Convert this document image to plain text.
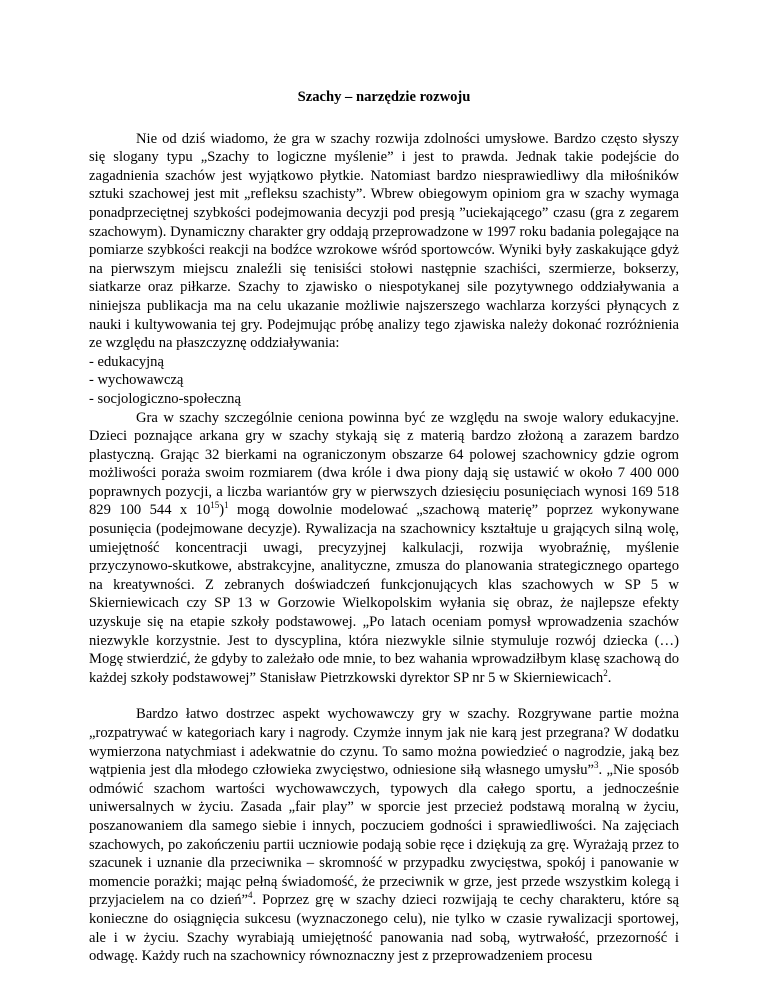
Szachy – narzędzie rozwoju

Nie od dziś wiadomo, że gra w szachy rozwija zdolności umysłowe. Bardzo często słyszy się slogany typu „Szachy to logiczne myślenie” i jest to prawda. Jednak takie podejście do zagadnienia szachów jest wyjątkowo płytkie. Natomiast bardzo niesprawiedliwy dla miłośników sztuki szachowej jest mit „refleksu szachisty”. Wbrew obiegowym opiniom gra w szachy wymaga ponadprzeciętnej szybkości podejmowania decyzji pod presją ”uciekającego” czasu (gra z zegarem szachowym). Dynamiczny charakter gry oddają przeprowadzone w 1997 roku badania polegające na pomiarze szybkości reakcji na bodźce wzrokowe wśród sportowców. Wyniki były zaskakujące gdyż na pierwszym miejscu znaleźli się tenisiści stołowi następnie szachiści, szermierze, bokserzy, siatkarze oraz piłkarze. Szachy to zjawisko o niespotykanej sile pozytywnego oddziaływania a niniejsza publikacja ma na celu ukazanie możliwie najszerszego wachlarza korzyści płynących z nauki i kultywowania tej gry. Podejmując próbę analizy tego zjawiska należy dokonać rozróżnienia ze względu na płaszczyznę oddziaływania:

- edukacyjną
- wychowawczą
- socjologiczno-społeczną

Gra w szachy szczególnie ceniona powinna być ze względu na swoje walory edukacyjne. Dzieci poznające arkana gry w szachy stykają się z materią bardzo złożoną a zarazem bardzo plastyczną. Grając 32 bierkami na ograniczonym obszarze 64 polowej szachownicy gdzie ogrom możliwości poraża swoim rozmiarem (dwa króle i dwa piony dają się ustawić w około 7 400 000 poprawnych pozycji, a liczba wariantów gry w pierwszych dziesięciu posunięciach wynosi 169 518 829 100 544 x $10^{15})^1$ mogą dowolnie modelować „szachową materię” poprzez wykonywane posunięcia (podejmowane decyzje). Rywalizacja na szachownicy kształtuje u grających silną wolę, umiejętność koncentracji uwagi, precyzyjnej kalkulacji, rozwija wyobraźnię, myślenie przyczynowo-skutkowe, abstrakcyjne, analityczne, zmusza do planowania strategicznego opartego na kreatywności. Z zebranych doświadczeń funkcjonujących klas szachowych w SP 5 w Skierniewicach czy SP 13 w Gorzowie Wielkopolskim wyłania się obraz, że najlepsze efekty uzyskuje się na etapie szkoły podstawowej. „Po latach oceniam pomysł wprowadzenia szachów niezwykle korzystnie. Jest to dyscyplina, która niezwykle silnie stymuluje rozwój dziecka (…) Mogę stwierdzić, że gdyby to zależało ode mnie, to bez wahania wprowadziłbym klasę szachową do każdej szkoły podstawowej” Stanisław Pietrzkowski dyrektor SP nr 5 w Skierniewicach$^2$.

Bardzo łatwo dostrzec aspekt wychowawczy gry w szachy. Rozgrywane partie można „rozpatrywać w kategoriach kary i nagrody. Czymże innym jak nie karą jest przegrana? W dodatku wymierzona natychmiast i adekwatnie do czynu. To samo można powiedzieć o nagrodzie, jaką bez wątpienia jest dla młodego człowieka zwycięstwo, odniesione siłą własnego umysłu”$^3$. „Nie sposób odmówić szachom wartości wychowawczych, typowych dla całego sportu, a jednocześnie uniwersalnych w życiu. Zasada „fair play” w sporcie jest przecież podstawą moralną w życiu, poszanowaniem dla samego siebie i innych, poczuciem godności i sprawiedliwości. Na zajęciach szachowych, po zakończeniu partii uczniowie podają sobie ręce i dziękują za grę. Wyrażają przez to szacunek i uznanie dla przeciwnika – skromność w przypadku zwycięstwa, spokój i panowanie w momencie porażki; mając pełną świadomość, że przeciwnik w grze, jest przede wszystkim kolegą i przyjacielem na co dzień”$^4$. Poprzez grę w szachy dzieci rozwijają te cechy charakteru, które są konieczne do osiągnięcia sukcesu (wyznaczonego celu), nie tylko w czasie rywalizacji sportowej, ale i w życiu. Szachy wyrabiają umiejętność panowania nad sobą, wytrwałość, przezorność i odwagę. Każdy ruch na szachownicy równoznaczny jest z przeprowadzeniem procesu
